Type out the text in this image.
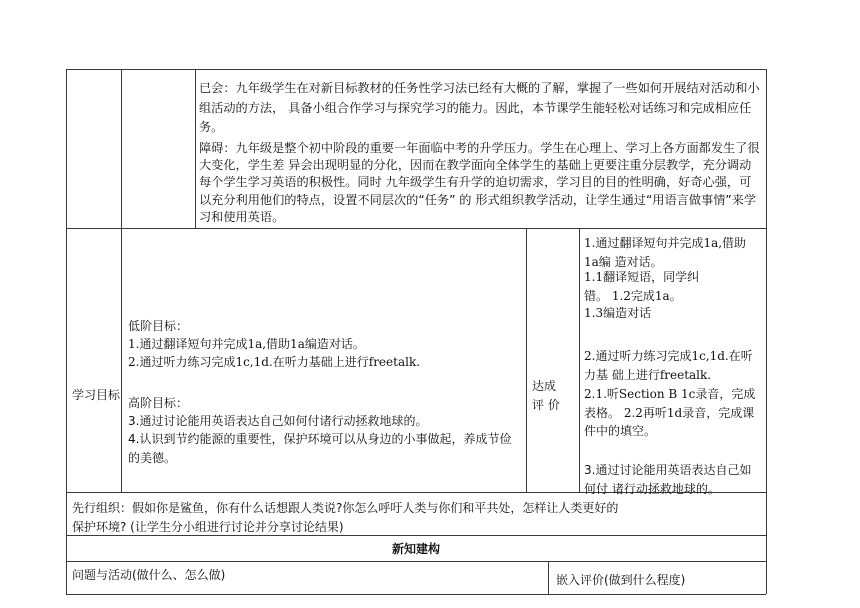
已会：九年级学生在对新目标教材的任务性学习法已经有大概的了解，掌握了一些如何开展结对活动和小组活动的方法， 具备小组合作学习与探究学习的能力。因此，本节课学生能轻松对话练习和完成相应任务。
障碍：九年级是整个初中阶段的重要一年面临中考的升学压力。学生在心理上、学习上各方面都发生了很大变化，学生差 异会出现明显的分化，因而在教学面向全体学生的基础上更要注重分层教学，充分调动每个学生学习英语的积极性。同时 九年级学生有升学的迫切需求，学习目的目的性明确，好奇心强，可以充分利用他们的特点，设置不同层次的“任务” 的 形式组织教学活动，让学生通过“用语言做事情”来学习和使用英语。
学习目标
低阶目标：
1.通过翻译短句并完成1a,借助1a编造对话。
2.通过听力练习完成1c,1d.在听力基础上进行freetalk.
高阶目标：
3.通过讨论能用英语表达自己如何付诸行动拯救地球的。
4.认识到节约能源的重要性，保护环境可以从身边的小事做起，养成节俭的美德。
达成
评 价
1.通过翻译短句并完成1a,借助1a编 造对话。
1.1翻译短语，同学纠错。 1.2完成1a。
1.3编造对话
2.通过听力练习完成1c,1d.在听力基 础上进行freetalk.
2.1.听Section B 1c录音，完成表格。 2.2再听1d录音，完成课件中的填空。
3.通过讨论能用英语表达自己如何付 诸行动拯救地球的。
先行组织：假如你是鲨鱼，你有什么话想跟人类说?你怎么呼吁人类与你们和平共处，怎样让人类更好的保护环境? (让学生分小组进行讨论并分享讨论结果)
新知建构
问题与活动(做什么、怎么做)	嵌入评价(做到什么程度)
